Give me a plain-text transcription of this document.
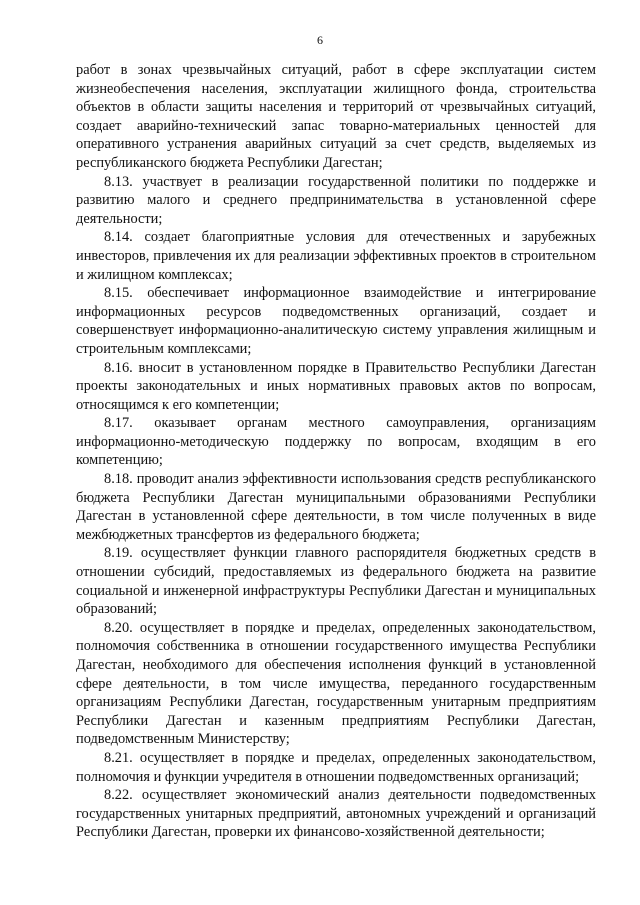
6

работ в зонах чрезвычайных ситуаций, работ в сфере эксплуатации систем жизнеобеспечения населения, эксплуатации жилищного фонда, строительства объектов в области защиты населения и территорий от чрезвычайных ситуаций, создает аварийно-технический запас товарно-материальных ценностей для оперативного устранения аварийных ситуаций за счет средств, выделяемых из республиканского бюджета Республики Дагестан;

8.13. участвует в реализации государственной политики по поддержке и развитию малого и среднего предпринимательства в установленной сфере деятельности;

8.14. создает благоприятные условия для отечественных и зарубежных инвесторов, привлечения их для реализации эффективных проектов в строительном и жилищном комплексах;

8.15. обеспечивает информационное взаимодействие и интегрирование информационных ресурсов подведомственных организаций, создает и совершенствует информационно-аналитическую систему управления жилищным и строительным комплексами;

8.16. вносит в установленном порядке в Правительство Республики Дагестан проекты законодательных и иных нормативных правовых актов по вопросам, относящимся к его компетенции;

8.17. оказывает органам местного самоуправления, организациям информационно-методическую поддержку по вопросам, входящим в его компетенцию;

8.18. проводит анализ эффективности использования средств республиканского бюджета Республики Дагестан муниципальными образованиями Республики Дагестан в установленной сфере деятельности, в том числе полученных в виде межбюджетных трансфертов из федерального бюджета;

8.19. осуществляет функции главного распорядителя бюджетных средств в отношении субсидий, предоставляемых из федерального бюджета на развитие социальной и инженерной инфраструктуры Республики Дагестан и муниципальных образований;

8.20. осуществляет в порядке и пределах, определенных законодательством, полномочия собственника в отношении государственного имущества Республики Дагестан, необходимого для обеспечения исполнения функций в установленной сфере деятельности, в том числе имущества, переданного государственным организациям Республики Дагестан, государственным унитарным предприятиям Республики Дагестан и казенным предприятиям Республики Дагестан, подведомственным Министерству;

8.21. осуществляет в порядке и пределах, определенных законодательством, полномочия и функции учредителя в отношении подведомственных организаций;

8.22. осуществляет экономический анализ деятельности подведомственных государственных унитарных предприятий, автономных учреждений и организаций Республики Дагестан, проверки их финансово-хозяйственной деятельности;
